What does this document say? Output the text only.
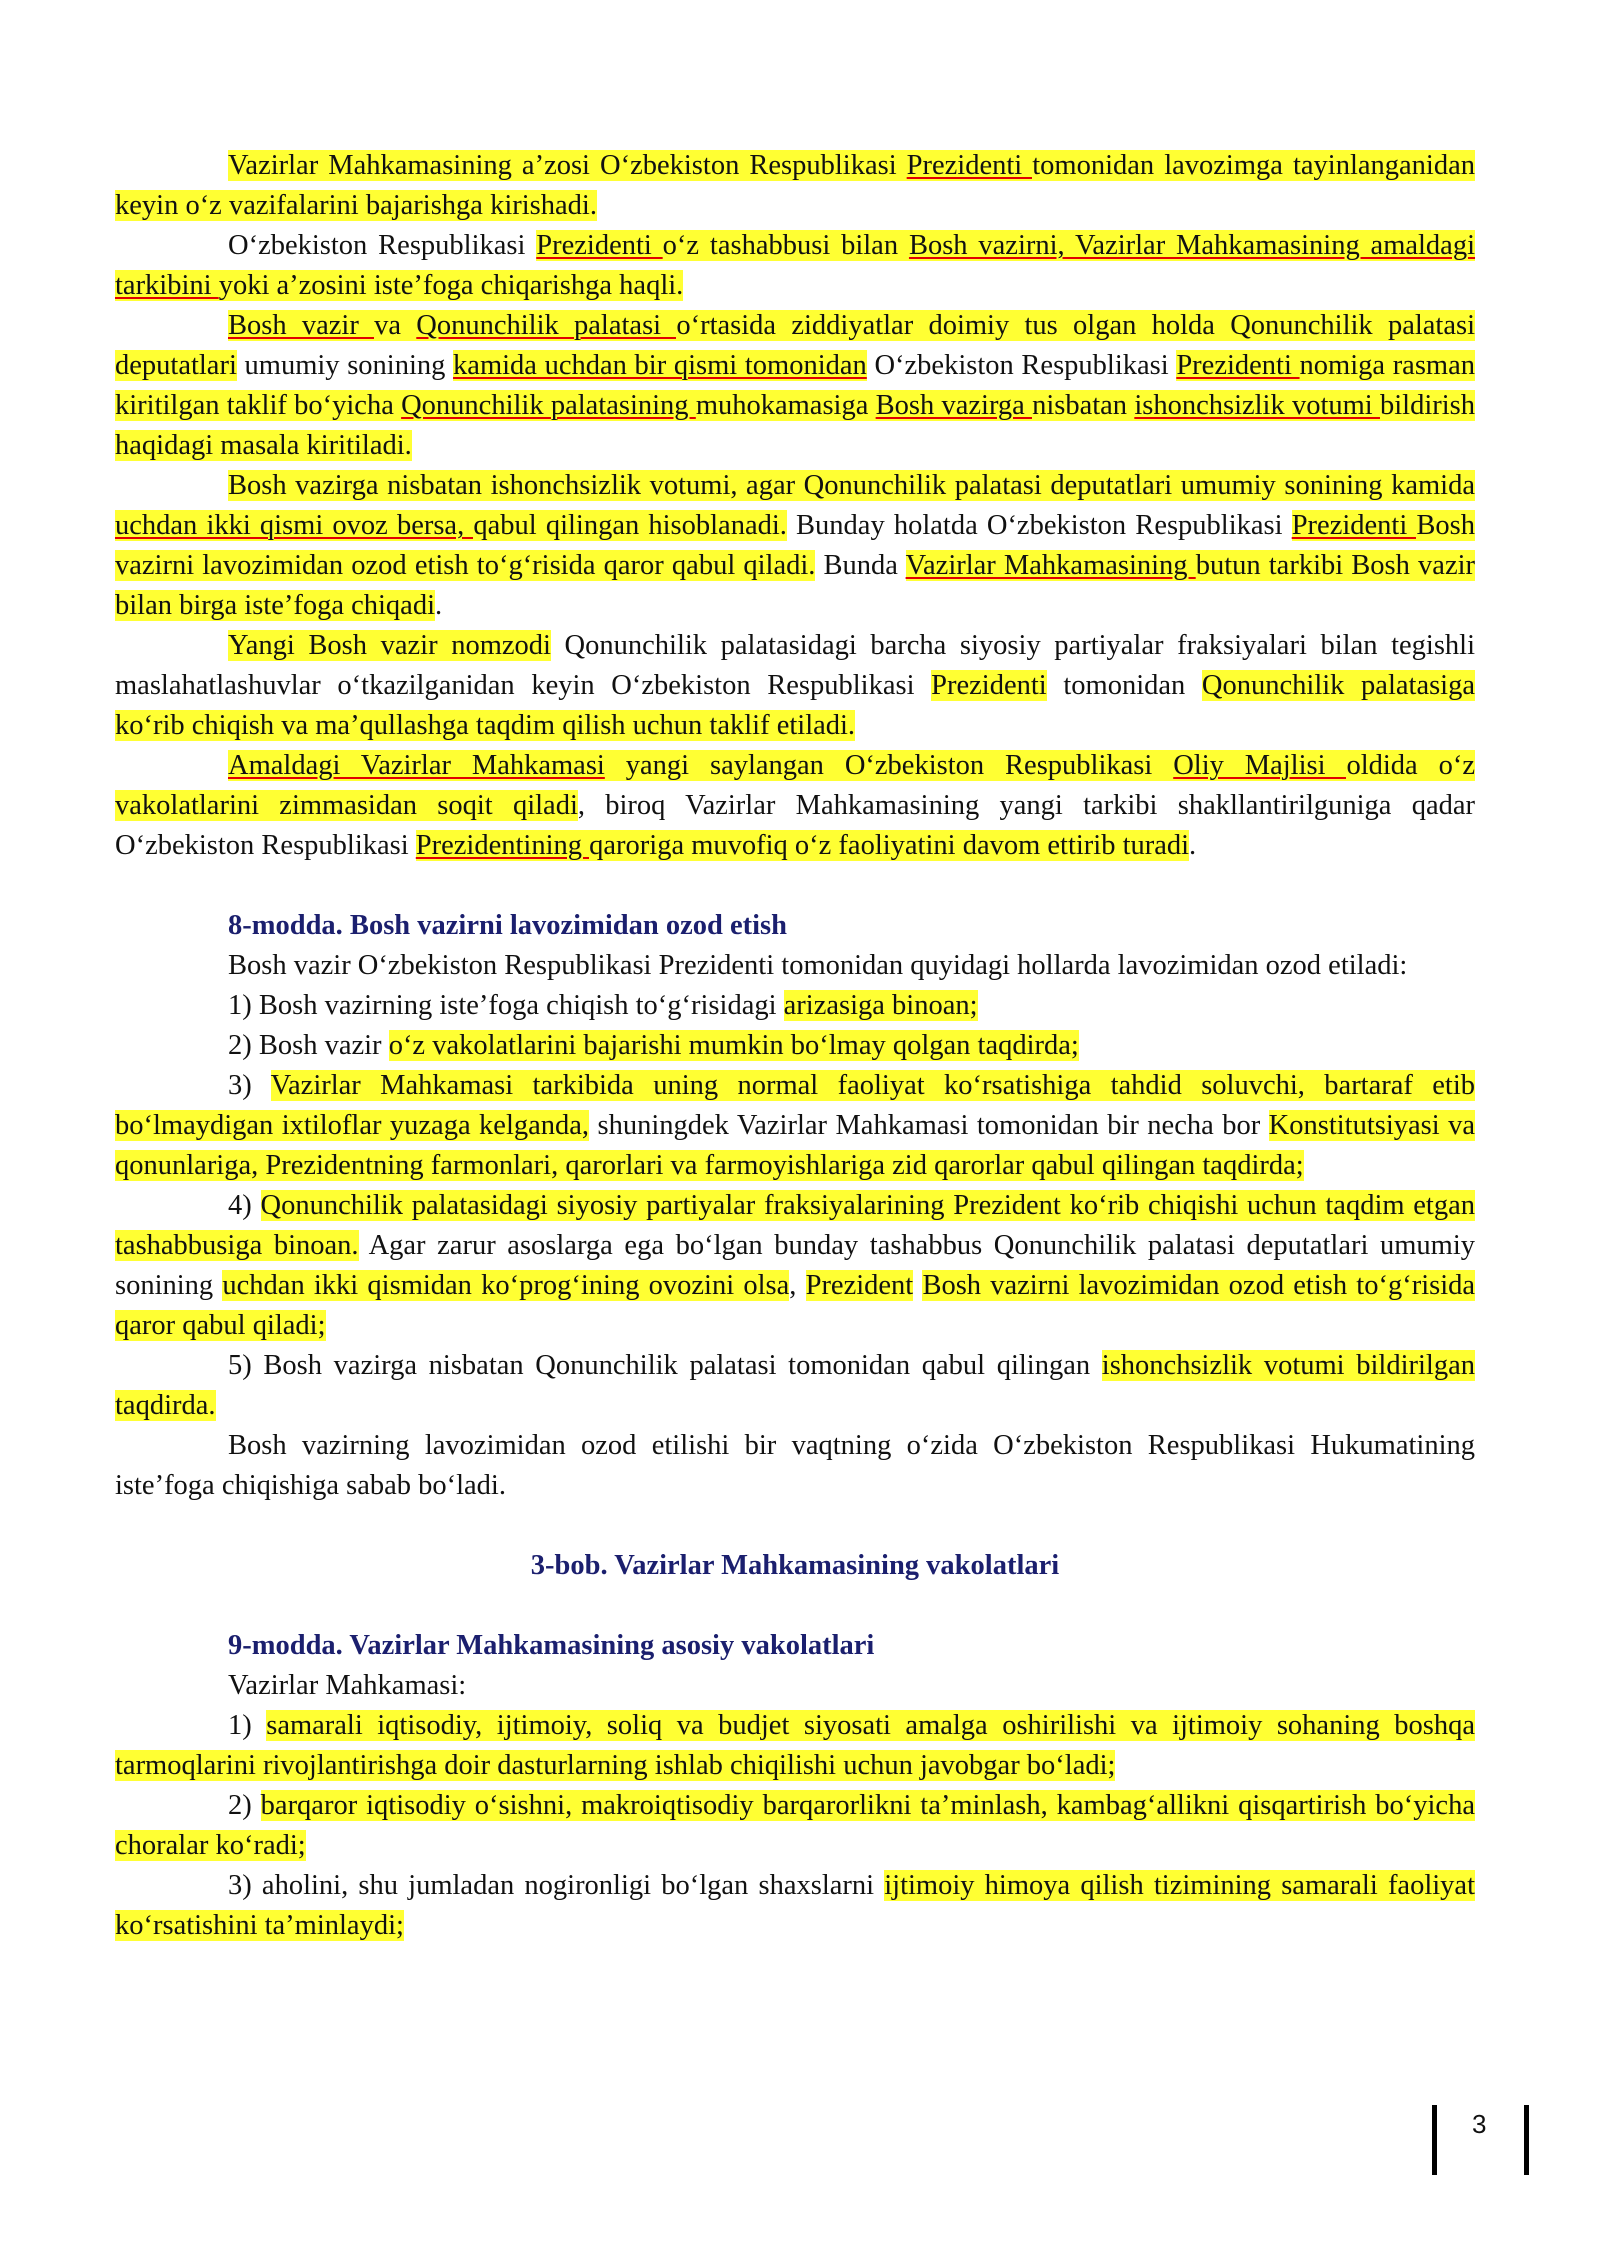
Vazirlar Mahkamasining a’zosi O‘zbekiston Respublikasi Prezidenti tomonidan lavozimga tayinlanganidan keyin o‘z vazifalarini bajarishga kirishadi.

O‘zbekiston Respublikasi Prezidenti o‘z tashabbusi bilan Bosh vazirni, Vazirlar Mahkamasining amaldagi tarkibini yoki a’zosini iste’foga chiqarishga haqli.

Bosh vazir va Qonunchilik palatasi o‘rtasida ziddiyatlar doimiy tus olgan holda Qonunchilik palatasi deputatlari umumiy sonining kamida uchdan bir qismi tomonidan O‘zbekiston Respublikasi Prezidenti nomiga rasman kiritilgan taklif bo‘yicha Qonunchilik palatasining muhokamasiga Bosh vazirga nisbatan ishonchsizlik votumi bildirish haqidagi masala kiritiladi.

Bosh vazirga nisbatan ishonchsizlik votumi, agar Qonunchilik palatasi deputatlari umumiy sonining kamida uchdan ikki qismi ovoz bersa, qabul qilingan hisoblanadi. Bunday holatda O‘zbekiston Respublikasi Prezidenti Bosh vazirni lavozimidan ozod etish to‘g‘risida qaror qabul qiladi. Bunda Vazirlar Mahkamasining butun tarkibi Bosh vazir bilan birga iste’foga chiqadi.

Yangi Bosh vazir nomzodi Qonunchilik palatasidagi barcha siyosiy partiyalar fraksiyalari bilan tegishli maslahatlashuvlar o‘tkazilganidan keyin O‘zbekiston Respublikasi Prezidenti tomonidan Qonunchilik palatasiga ko‘rib chiqish va ma’qullashga taqdim qilish uchun taklif etiladi.

Amaldagi Vazirlar Mahkamasi yangi saylangan O‘zbekiston Respublikasi Oliy Majlisi oldida o‘z vakolatlarini zimmasidan soqit qiladi, biroq Vazirlar Mahkamasining yangi tarkibi shakllantirilguniga qadar O‘zbekiston Respublikasi Prezidentining qaroriga muvofiq o‘z faoliyatini davom ettirib turadi.

8-modda. Bosh vazirni lavozimidan ozod etish

Bosh vazir O‘zbekiston Respublikasi Prezidenti tomonidan quyidagi hollarda lavozimidan ozod etiladi:

1) Bosh vazirning iste’foga chiqish to‘g‘risidagi arizasiga binoan;

2) Bosh vazir o‘z vakolatlarini bajarishi mumkin bo‘lmay qolgan taqdirda;

3) Vazirlar Mahkamasi tarkibida uning normal faoliyat ko‘rsatishiga tahdid soluvchi, bartaraf etib bo‘lmaydigan ixtiloflar yuzaga kelganda, shuningdek Vazirlar Mahkamasi tomonidan bir necha bor Konstitutsiyasi va qonunlariga, Prezidentning farmonlari, qarorlari va farmoyishlariga zid qarorlar qabul qilingan taqdirda;

4) Qonunchilik palatasidagi siyosiy partiyalar fraksiyalarining Prezident ko‘rib chiqishi uchun taqdim etgan tashabbusiga binoan. Agar zarur asoslarga ega bo‘lgan bunday tashabbus Qonunchilik palatasi deputatlari umumiy sonining uchdan ikki qismidan ko‘prog‘ining ovozini olsa, Prezident Bosh vazirni lavozimidan ozod etish to‘g‘risida qaror qabul qiladi;

5) Bosh vazirga nisbatan Qonunchilik palatasi tomonidan qabul qilingan ishonchsizlik votumi bildirilgan taqdirda.

Bosh vazirning lavozimidan ozod etilishi bir vaqtning o‘zida O‘zbekiston Respublikasi Hukumatining iste’foga chiqishiga sabab bo‘ladi.

3-bob. Vazirlar Mahkamasining vakolatlari
9-modda. Vazirlar Mahkamasining asosiy vakolatlari

Vazirlar Mahkamasi:

1) samarali iqtisodiy, ijtimoiy, soliq va budjet siyosati amalga oshirilishi va ijtimoiy sohaning boshqa tarmoqlarini rivojlantirishga doir dasturlarning ishlab chiqilishi uchun javobgar bo‘ladi;

2) barqaror iqtisodiy o‘sishni, makroiqtisodiy barqarorlikni ta’minlash, kambag‘allikni qisqartirish bo‘yicha choralar ko‘radi;

3) aholini, shu jumladan nogironligi bo‘lgan shaxslarni ijtimoiy himoya qilish tizimining samarali faoliyat ko‘rsatishini ta’minlaydi;

3
